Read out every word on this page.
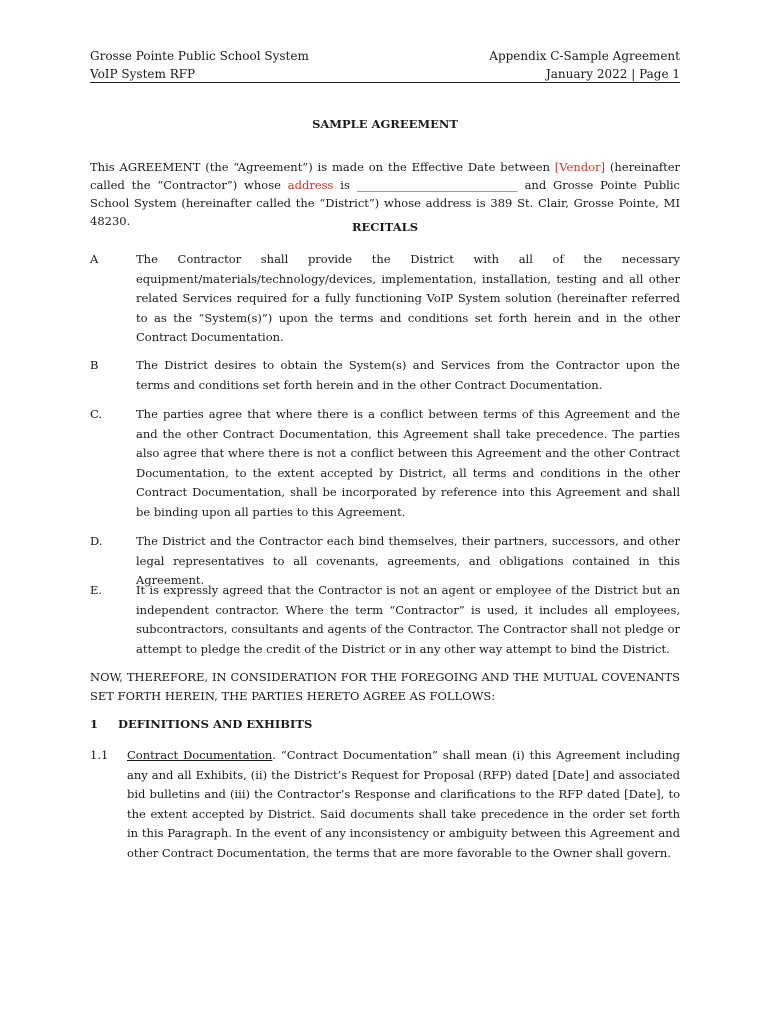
Grosse Pointe Public School System
VoIP System RFP
Appendix C-Sample Agreement
January 2022 | Page 1
SAMPLE AGREEMENT
This AGREEMENT (the “Agreement”) is made on the Effective Date between [Vendor] (hereinafter called the “Contractor”) whose address is ____________________________ and Grosse Pointe Public School System (hereinafter called the “District”) whose address is 389 St. Clair, Grosse Pointe, MI 48230.	RECITALS
A	The Contractor shall provide the District with all of the necessary equipment/materials/technology/devices, implementation, installation, testing and all other related Services required for a fully functioning VoIP System solution (hereinafter referred to as the “System(s)”) upon the terms and conditions set forth herein and in the other Contract Documentation.
B	The District desires to obtain the System(s) and Services from the Contractor upon the terms and conditions set forth herein and in the other Contract Documentation.
C.	The parties agree that where there is a conflict between terms of this Agreement and the and the other Contract Documentation, this Agreement shall take precedence. The parties also agree that where there is not a conflict between this Agreement and the other Contract Documentation, to the extent accepted by District, all terms and conditions in the other Contract Documentation, shall be incorporated by reference into this Agreement and shall be binding upon all parties to this Agreement.
D.	The District and the Contractor each bind themselves, their partners, successors, and other legal representatives to all covenants, agreements, and obligations contained in this Agreement.
E.	It is expressly agreed that the Contractor is not an agent or employee of the District but an independent contractor. Where the term “Contractor” is used, it includes all employees, subcontractors, consultants and agents of the Contractor. The Contractor shall not pledge or attempt to pledge the credit of the District or in any other way attempt to bind the District.
NOW, THEREFORE, IN CONSIDERATION FOR THE FOREGOING AND THE MUTUAL COVENANTS SET FORTH HEREIN, THE PARTIES HERETO AGREE AS FOLLOWS:
1 DEFINITIONS AND EXHIBITS
1.1 Contract Documentation. “Contract Documentation” shall mean (i) this Agreement including any and all Exhibits, (ii) the District’s Request for Proposal (RFP) dated [Date] and associated bid bulletins and (iii) the Contractor’s Response and clarifications to the RFP dated [Date], to the extent accepted by District. Said documents shall take precedence in the order set forth in this Paragraph. In the event of any inconsistency or ambiguity between this Agreement and other Contract Documentation, the terms that are more favorable to the Owner shall govern.
